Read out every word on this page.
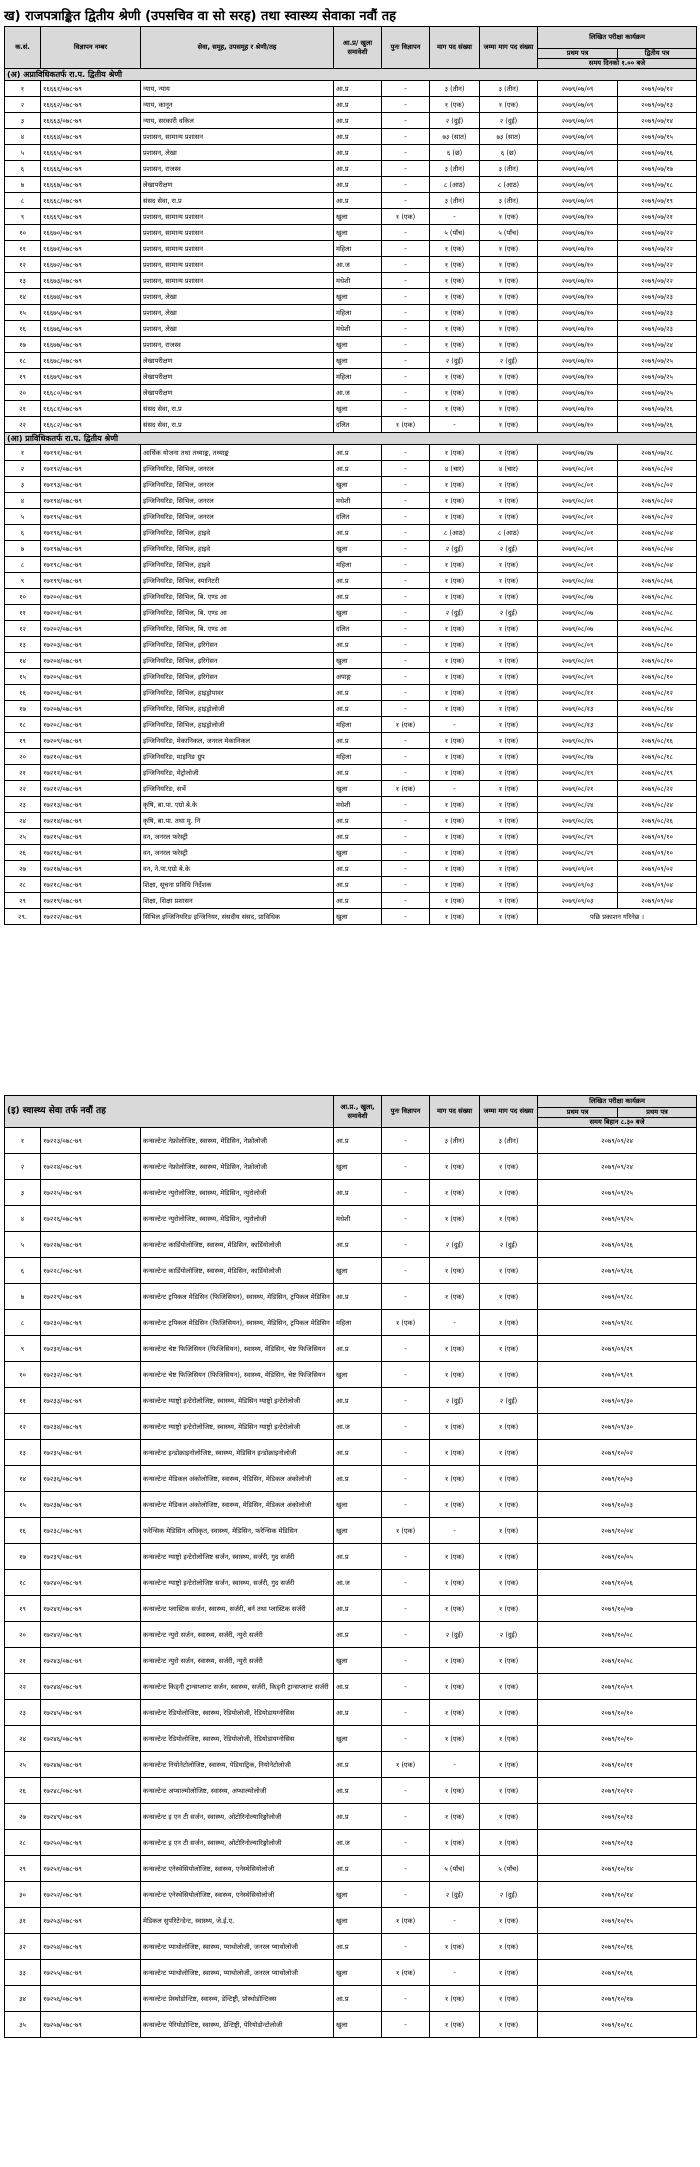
ख) राजपत्राङ्कित द्वितीय श्रेणी (उपसचिव वा सो सरह) तथा स्वास्थ्य सेवाका नवौं तह
क.सं.	विज्ञापन नम्बर	सेवा, समूह, उपसमूह र श्रेणी/तह	आ.प्र/ खुला समावेशी	पुनः विज्ञापन	माग पद संख्या	जम्मा माग पद संख्या	लिखित परीक्षा कार्यक्रम	
							प्रथम पत्र	द्वितीय पत्र
							समय दिनको १.०० बजे	
(अ) अप्राविधिकतर्फ रा.प. द्वितीय श्रेणी								
१	१६६६१/०७८-७९	न्याय, न्याय	आ.प्र	-	३ (तीन)	३ (तीन)	२०७९/०७/०९	२०७९/०७/१२
२	१६६६२/०७८-७९	न्याय, कानून	आ.प्र	-	१ (एक)	१ (एक)	२०७९/०७/०९	२०७९/०७/१३
३	१६६६३/०७८-७९	न्याय, सरकारी वकिल	आ.प्र	-	२ (दुई)	२ (दुई)	२०७९/०७/०९	२०७९/०७/१४
४	१६६६४/०७८-७९	प्रशासन, सामान्य प्रशासन	आ.प्र	-	७३ (सात)	७३ (सात)	२०७९/०७/०९	२०७९/०७/१५
५	१६६६५/०७८-७९	प्रशासन, लेखा	आ.प्र	-	६ (छ)	६ (छ)	२०७९/०७/०९	२०७९/०७/१६
६	१६६६६/०७८-७९	प्रशासन, राजस्व	आ.प्र	-	३ (तीन)	३ (तीन)	२०७९/०७/०९	२०७९/०७/१७
७	१६६६७/०७८-७९	लेखापरीक्षण	आ.प्र	-	८ (आठ)	८ (आठ)	२०७९/०७/०९	२०७९/०७/१८
८	१६६६८/०७८-७९	संसद सेवा, रा.प्र	आ.प्र	-	३ (तीन)	३ (तीन)	२०७९/०७/०९	२०७९/०७/१९
९	१६६६९/०७८-७९	प्रशासन, सामान्य प्रशासन	खुला	१ (एक)	-	१ (एक)	२०७९/०७/१०	२०७९/०७/२१
१०	१६६७०/०७८-७९	प्रशासन, सामान्य प्रशासन	खुला	-	५ (पाँच)	५ (पाँच)	२०७९/०७/१०	२०७९/०७/२२
११	१६६७१/०७८-७९	प्रशासन, सामान्य प्रशासन	महिला	-	१ (एक)	१ (एक)	२०७९/०७/१०	२०७९/०७/२२
१२	१६६७२/०७८-७९	प्रशासन, सामान्य प्रशासन	आ.ज	-	१ (एक)	१ (एक)	२०७९/०७/१०	२०७९/०७/२२
१३	१६६७३/०७८-७९	प्रशासन, सामान्य प्रशासन	मधेशी	-	१ (एक)	१ (एक)	२०७९/०७/१०	२०७९/०७/२२
१४	१६६७४/०७८-७९	प्रशासन, लेखा	खुला	-	१ (एक)	१ (एक)	२०७९/०७/१०	२०७९/०७/२३
१५	१६६७५/०७८-७९	प्रशासन, लेखा	महिला	-	१ (एक)	१ (एक)	२०७९/०७/१०	२०७९/०७/२३
१६	१६६७६/०७८-७९	प्रशासन, लेखा	मधेशी	-	१ (एक)	१ (एक)	२०७९/०७/१०	२०७९/०७/२३
१७	१६६७७/०७८-७९	प्रशासन, राजस्व	खुला	-	१ (एक)	१ (एक)	२०७९/०७/१०	२०७९/०७/२४
१८	१६६७८/०७८-७९	लेखापरीक्षण	खुला	-	२ (दुई)	२ (दुई)	२०७९/०७/१०	२०७९/०७/२५
१९	१६६७९/०७८-७९	लेखापरीक्षण	महिला	-	१ (एक)	१ (एक)	२०७९/०७/१०	२०७९/०७/२५
२०	१६६८०/०७८-७९	लेखापरीक्षण	आ.ज	-	१ (एक)	१ (एक)	२०७९/०७/१०	२०७९/०७/२५
२१	१६६८१/०७८-७९	संसद सेवा, रा.प्र	खुला	-	१ (एक)	१ (एक)	२०७९/०७/१०	२०७९/०७/२६
२२	१६६८२/०७८-७९	संसद सेवा, रा.प्र	दलित	१ (एक)	-	१ (एक)	२०७९/०७/१०	२०७९/०७/२६
(आ) प्राविधिकतर्फ रा.प. द्वितीय श्रेणी								
१	१७१९१/०७८-७९	आर्थिक योजना तथा तथ्याङ्क, तथ्याङ्क	आ.प्र	-	१ (एक)	१ (एक)	२०७९/०७/२७	२०७९/०७/२८
२	१७१९२/०७८-७९	इन्जिनियरिङ, सिभिल, जनरल	आ.प्र	-	४ (चार)	४ (चार)	२०७९/०८/०१	२०७९/०८/०२
३	१७१९३/०७८-७९	इन्जिनियरिङ, सिभिल, जनरल	खुला	-	१ (एक)	१ (एक)	२०७९/०८/०१	२०७९/०८/०२
४	१७१९४/०७८-७९	इन्जिनियरिङ, सिभिल, जनरल	मधेशी	-	१ (एक)	१ (एक)	२०७९/०८/०१	२०७९/०८/०२
५	१७१९५/०७८-७९	इन्जिनियरिङ, सिभिल, जनरल	दलित	-	१ (एक)	१ (एक)	२०७९/०८/०१	२०७९/०८/०२
६	१७१९६/०७८-७९	इन्जिनियरिङ, सिभिल, हाइवे	आ.प्र	-	८ (आठ)	८ (आठ)	२०७९/०८/०१	२०७९/०८/०४
७	१७१९७/०७८-७९	इन्जिनियरिङ, सिभिल, हाइवे	खुला	-	२ (दुई)	२ (दुई)	२०७९/०८/०१	२०७९/०८/०४
८	१७१९८/०७८-७९	इन्जिनियरिङ, सिभिल, हाइवे	महिला	-	१ (एक)	१ (एक)	२०७९/०८/०१	२०७९/०८/०४
९	१७१९९/०७८-७९	इन्जिनियरिङ, सिभिल, स्यानिटरी	आ.प्र	-	१ (एक)	१ (एक)	२०७९/०८/०४	२०७९/०८/०६
१०	१७२००/०७८-७९	इन्जिनियरिङ, सिभिल, बि. एण्ड आ	आ.प्र	-	१ (एक)	१ (एक)	२०७९/०८/०७	२०७९/०८/०८
११	१७२०१/०७८-७९	इन्जिनियरिङ, सिभिल, बि. एण्ड आ	खुला	-	२ (दुई)	२ (दुई)	२०७९/०८/०७	२०७९/०८/०८
१२	१७२०२/०७८-७९	इन्जिनियरिङ, सिभिल, बि. एण्ड आ	दलित	-	१ (एक)	१ (एक)	२०७९/०८/०७	२०७९/०८/०८
१३	१७२०३/०७८-७९	इन्जिनियरिङ, सिभिल, इरिगेसन	आ.प्र	-	१ (एक)	१ (एक)	२०७९/०८/०९	२०७९/०८/१०
१४	१७२०४/०७८-७९	इन्जिनियरिङ, सिभिल, इरिगेसन	खुला	-	१ (एक)	१ (एक)	२०७९/०८/०९	२०७९/०८/१०
१५	१७२०५/०७८-७९	इन्जिनियरिङ, सिभिल, इरिगेसन	अपाङ्ग	-	१ (एक)	१ (एक)	२०७९/०८/०९	२०७९/०८/१०
१६	१७२०६/०७८-७९	इन्जिनियरिङ, सिभिल, हाइड्रोपावर	आ.प्र	-	१ (एक)	१ (एक)	२०७९/०८/११	२०७९/०८/१२
१७	१७२०७/०७८-७९	इन्जिनियरिङ, सिभिल, हाइड्रोलोजी	आ.प्र	-	१ (एक)	१ (एक)	२०७९/०८/१३	२०७९/०८/१४
१८	१७२०८/०७८-७९	इन्जिनियरिङ, सिभिल, हाइड्रोलोजी	महिला	१ (एक)	-	१ (एक)	२०७९/०८/१३	२०७९/०८/१४
१९	१७२०९/०७८-७९	इन्जिनियरिङ, मेकानिकल, जनरल मेकानिकल	आ.प्र	-	१ (एक)	१ (एक)	२०७९/०८/१५	२०७९/०८/१६
२०	१७२१०/०७८-७९	इन्जिनियरिङ, माइनिङ ग्रुप	महिला	-	१ (एक)	१ (एक)	२०७९/०८/१७	२०७९/०८/१८
२१	१७२११/०७८-७९	इन्जिनियरिङ, मेट्रोलोजी	आ.प्र	-	१ (एक)	१ (एक)	२०७९/०८/१९	२०७९/०८/१९
२२	१७२१२/०७८-७९	इन्जिनियरिङ, सर्भे	खुला	१ (एक)	-	१ (एक)	२०७९/०८/२१	२०७९/०८/२२
२३	१७२१३/०७८-७९	कृषि, बा.पा. एग्रो बे.के	मधेशी	-	१ (एक)	१ (एक)	२०७९/०८/२४	२०७९/०८/२४
२४	१७२१४/०७८-७९	कृषि, बा.पा. तथा मु. नि	आ.प्र	-	१ (एक)	१ (एक)	२०७९/०८/२६	२०७९/०८/२६
२५	१७२१५/०७८-७९	वन, जनरल फरेस्ट्री	आ.प्र	-	१ (एक)	१ (एक)	२०७९/०८/२९	२०७९/०९/१०
२६	१७२१६/०७८-७९	वन, जनरल फरेस्ट्री	खुला	-	१ (एक)	१ (एक)	२०७९/०८/२९	२०७९/०९/१०
२७	१७२१७/०७८-७९	वन, ने.पा.एग्रो बे.के	आ.प्र	-	१ (एक)	१ (एक)	२०७९/०९/०१	२०७९/०९/०२
२८	१७२१८/०७८-७९	शिक्षा, सूचना प्रविधि निर्देशक	आ.प्र	-	१ (एक)	१ (एक)	२०७९/०९/०३	२०७९/०९/०४
२९	१७२१९/०७८-७९	शिक्षा, शिक्षा प्रशासन	आ.प्र	-	१ (एक)	१ (एक)	२०७९/०९/०३	२०७९/०९/०४
२९.	१७२२२/०७८-७९	सिभिल इन्जिनियरिङ इन्जिनियर, संसदीय संसद, प्राविधिक	खुला	-	१ (एक)	१ (एक)	पछि प्रकाशन गरिनेछ ।	
(इ) स्वास्थ्य सेवा तर्फ नवौं तह			आ.प्र., खुला, समावेशी	पुनः विज्ञापन	माग पद संख्या	जम्मा माग पद संख्या	लिखित परीक्षा कार्यक्रम	
							प्रथम पत्र	प्रथम पत्र
							समय बिहान ८.३० बजे	
१	१७२२३/०७८-७९	कन्सल्टेन्ट नेफ्रोलोजिष्ट, स्वास्थ्य, मेडिसिन, नेफ्रोलोजी	आ.प्र	-	३ (तीन)	३ (तीन)	२०७९/०९/२४	
२	१७२२४/०७८-७९	कन्सल्टेन्ट नेफ्रोलोजिष्ट, स्वास्थ्य, मेडिसिन, नेफ्रोलोजी	खुला	-	१ (एक)	१ (एक)	२०७९/०९/२४	
३	१७२२५/०७८-७९	कन्सल्टेन्ट न्युरोलोजिष्ट, स्वास्थ्य, मेडिसिन, न्युरोलोजी	आ.प्र	-	१ (एक)	१ (एक)	२०७९/०९/२५	
४	१७२२६/०७८-७९	कन्सल्टेन्ट न्युरोलोजिष्ट, स्वास्थ्य, मेडिसिन, न्युरोलोजी	मधेशी	-	१ (एक)	१ (एक)	२०७९/०९/२५	
५	१७२२७/०७८-७९	कन्सल्टेन्ट कार्डियोलोजिष्ट, स्वास्थ्य, मेडिसिन, कार्डियोलोजी	आ.प्र	-	२ (दुई)	२ (दुई)	२०७९/०९/२६	
६	१७२२८/०७८-७९	कन्सल्टेन्ट कार्डियोलोजिष्ट, स्वास्थ्य, मेडिसिन, कार्डियोलोजी	खुला	-	१ (एक)	१ (एक)	२०७९/०९/२६	
७	१७२२९/०७८-७९	कन्सल्टेन्ट ट्रपिकल मेडिसिन (फिजिसियन), स्वास्थ्य, मेडिसिन, ट्रपिकल मेडिसिन	आ.प्र	-	१ (एक)	१ (एक)	२०७९/०९/२८	
८	१७२३०/०७८-७९	कन्सल्टेन्ट ट्रपिकल मेडिसिन (फिजिसियन), स्वास्थ्य, मेडिसिन, ट्रपिकल मेडिसिन	महिला	१ (एक)	-	१ (एक)	२०७९/०९/२८	
९	१७२३१/०७८-७९	कन्सल्टेन्ट चेष्ट फिजिसियन (फिजिसियन), स्वास्थ्य, मेडिसिन, चेष्ट फिजिसियन	आ.प्र	-	१ (एक)	१ (एक)	२०७९/०९/२९	
१०	१७२३२/०७८-७९	कन्सल्टेन्ट चेष्ट फिजिसियन (फिजिसियन), स्वास्थ्य, मेडिसिन, चेष्ट फिजिसियन	खुला	-	१ (एक)	१ (एक)	२०७९/०९/२९	
११	१७२३३/०७८-७९	कन्सल्टेन्ट ग्याष्ट्रो इन्टेरोलोजिष्ट, स्वास्थ्य, मेडिसिन ग्याष्ट्रो इन्टेरोलोजी	आ.प्र	-	२ (दुई)	२ (दुई)	२०७९/०९/३०	
१२	१७२३४/०७८-७९	कन्सल्टेन्ट ग्याष्ट्रो इन्टेरोलोजिष्ट, स्वास्थ्य, मेडिसिन ग्याष्ट्रो इन्टेरोलोजी	आ.ज	-	१ (एक)	१ (एक)	२०७९/०९/३०	
१३	१७२३५/०७८-७९	कन्सल्टेन्ट इन्डोक्राइनोलोजिष्ट, स्वास्थ्य, मेडिसिन इन्डोक्राइनोलोजी	आ.प्र	-	१ (एक)	१ (एक)	२०७९/१०/०२	
१४	१७२३६/०७८-७९	कन्सल्टेन्ट मेडिकल अंकोलोजिष्ट, स्वास्थ्य, मेडिसिन, मेडिकल अंकोलोजी	आ.प्र	-	१ (एक)	१ (एक)	२०७९/१०/०३	
१५	१७२३७/०७८-७९	कन्सल्टेन्ट मेडिकल अंकोलोजिष्ट, स्वास्थ्य, मेडिसिन, मेडिकल अंकोलोजी	खुला	-	१ (एक)	१ (एक)	२०७९/१०/०३	
१६	१७२३८/०७८-७९	फरेन्सिक मेडिसिन अधिकृत, स्वास्थ्य, मेडिसिन, फरेन्सिक मेडिसिन	खुला	१ (एक)	-	१ (एक)	२०७९/१०/०४	
१७	१७२३९/०७८-७९	कन्सल्टेन्ट ग्याष्ट्रो इन्टेरोलोजिष्ट सर्जन, स्वास्थ्य, सर्जरी, गुद सर्जरी	आ.प्र	-	१ (एक)	१ (एक)	२०७९/१०/०५	
१८	१७२४०/०७८-७९	कन्सल्टेन्ट ग्याष्ट्रो इन्टेरोलोजिष्ट सर्जन, स्वास्थ्य, सर्जरी, गुद सर्जरी	आ.ज	-	१ (एक)	१ (एक)	२०७९/१०/०६	
१९	१७२४१/०७८-७९	कन्सल्टेन्ट प्लास्टिक सर्जन, स्वास्थ्य, सर्जरी, बर्न तथा प्लास्टिक सर्जरी	आ.प्र	-	१ (एक)	१ (एक)	२०७९/१०/०७	
२०	१७२४२/०७८-७९	कन्सल्टेन्ट न्युरो सर्जन, स्वास्थ्य, सर्जरी, न्युरो सर्जरी	आ.प्र	-	२ (दुई)	२ (दुई)	२०७९/१०/०८	
२१	१७२४३/०७८-७९	कन्सल्टेन्ट न्युरो सर्जन, स्वास्थ्य, सर्जरी, न्युरो सर्जरी	खुला	-	१ (एक)	१ (एक)	२०७९/१०/०८	
२२	१७२४४/०७८-७९	कन्सल्टेन्ट किड्नी ट्रान्सप्लान्ट सर्जन, स्वास्थ्य, सर्जरी, किड्नी ट्रान्सप्लान्ट सर्जरी	आ.प्र	-	१ (एक)	१ (एक)	२०७९/१०/०९	
२३	१७२४५/०७८-७९	कन्सल्टेन्ट रेडियोलोजिष्ट, स्वास्थ्य, रेडियोलोजी, रेडियोडायग्नोसिस	आ.प्र	-	१ (एक)	१ (एक)	२०७९/१०/१०	
२४	१७२४६/०७८-७९	कन्सल्टेन्ट रेडियोलोजिष्ट, स्वास्थ्य, रेडियोलोजी, रेडियोडायग्नोसिस	खुला	-	१ (एक)	१ (एक)	२०७९/१०/१०	
२५	१७२४७/०७८-७९	कन्सल्टेन्ट नियोनेटोलोजिष्ट, स्वास्थ्य, पेडियाट्रिक, नियोनेटोलोजी	आ.प्र	१ (एक)	-	१ (एक)	२०७९/१०/११	
२६	१७२४८/०७८-७९	कन्सल्टेन्ट अप्थाल्मोलोजिष्ट, स्वास्थ्य, अप्थाल्मोलोजी	आ.प्र	-	१ (एक)	१ (एक)	२०७९/१०/१२	
२७	१७२४९/०७८-७९	कन्सल्टेन्ट इ एन टी सर्जन, स्वास्थ्य, ओटोरिनोल्यारिङ्गोलोजी	आ.प्र	-	१ (एक)	१ (एक)	२०७९/१०/१३	
२८	१७२५०/०७८-७९	कन्सल्टेन्ट इ एन टी सर्जन, स्वास्थ्य, ओटोरिनोल्यारिङ्गोलोजी	आ.ज	-	१ (एक)	१ (एक)	२०७९/१०/१३	
२९	१७२५१/०७८-७९	कन्सल्टेन्ट एनेस्थेसियोलोजिष्ट, स्वास्थ्य, एनेस्थेसियोलोजी	आ.प्र	-	५ (पाँच)	५ (पाँच)	२०७९/१०/१४	
३०	१७२५२/०७८-७९	कन्सल्टेन्ट एनेस्थेसियोलोजिष्ट, स्वास्थ्य, एनेस्थेसियोलोजी	खुला	-	२ (दुई)	२ (दुई)	२०७९/१०/१४	
३१	१७२५३/०७८-७९	मेडिकल सुपरिटेन्डेन्ट, स्वास्थ्य, जे.ई.ए.	खुला	१ (एक)	-	१ (एक)	२०७९/१०/१५	
३२	१७२५४/०७८-७९	कन्सल्टेन्ट प्याथोलोजिष्ट, स्वास्थ्य, प्याथोलोजी, जनरल प्याथोलोजी	आ.प्र	-	१ (एक)	१ (एक)	२०७९/१०/१६	
३३	१७२५५/०७८-७९	कन्सल्टेन्ट प्याथोलोजिष्ट, स्वास्थ्य, प्याथोलोजी, जनरल प्याथोलोजी	खुला	१ (एक)	-	१ (एक)	२०७९/१०/१६	
३४	१७२५६/०७८-७९	कन्सल्टेन्ट प्रेस्थोडोन्टिष्ट, स्वास्थ्य, डेन्टिष्ट्री, प्रोस्थोडोन्टिक्स	आ.प्र	-	१ (एक)	१ (एक)	२०७९/१०/१७	
३५	१७२५७/०७८-७९	कन्सल्टेन्ट पेरियोडोन्टिष्ट, स्वास्थ्य, डेन्टिष्ट्री, पेरियोडोन्टोलोजी	खुला	-	१ (एक)	१ (एक)	२०७९/१०/१८	
